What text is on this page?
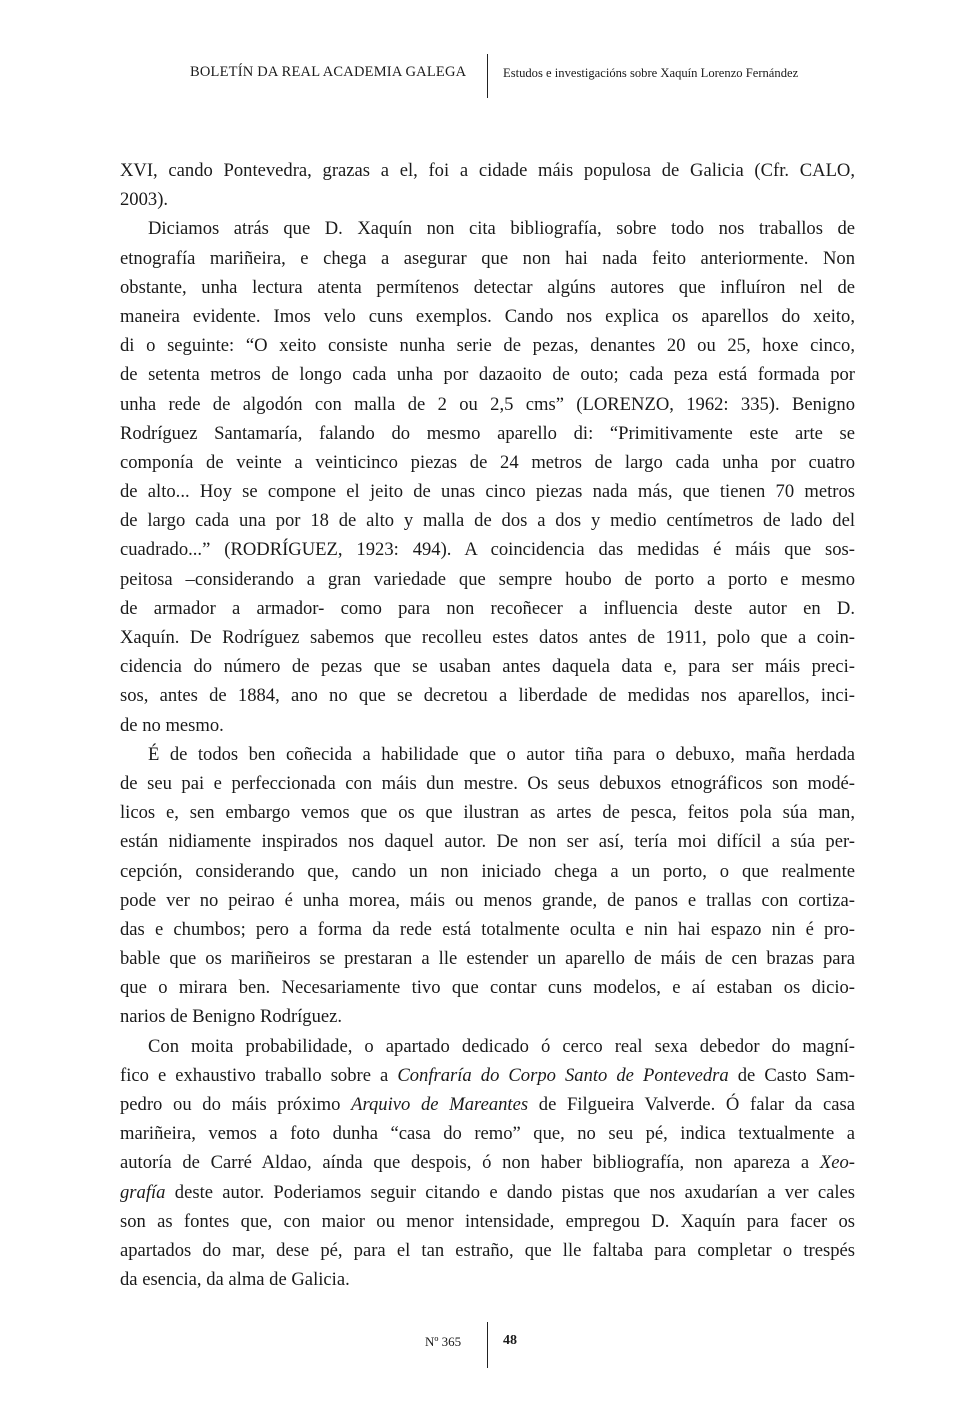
BOLETÍN DA REAL ACADEMIA GALEGA	Estudos e investigacións sobre Xaquín Lorenzo Fernández
XVI, cando Pontevedra, grazas a el, foi a cidade máis populosa de Galicia (Cfr. CALO,
2003).
Diciamos atrás que D. Xaquín non cita bibliografía, sobre todo nos traballos de
etnografía mariñeira, e chega a asegurar que non hai nada feito anteriormente. Non
obstante, unha lectura atenta permítenos detectar algúns autores que influíron nel de
maneira evidente. Imos velo cuns exemplos. Cando nos explica os aparellos do xeito,
di o seguinte: “O xeito consiste nunha serie de pezas, denantes 20 ou 25, hoxe cinco,
de setenta metros de longo cada unha por dazaoito de outo; cada peza está formada por
unha rede de algodón con malla de 2 ou 2,5 cms” (LORENZO, 1962: 335). Benigno
Rodríguez Santamaría, falando do mesmo aparello di: “Primitivamente este arte se
componía de veinte a veinticinco piezas de 24 metros de largo cada unha por cuatro
de alto... Hoy se compone el jeito de unas cinco piezas nada más, que tienen 70 metros
de largo cada una por 18 de alto y malla de dos a dos y medio centímetros de lado del
cuadrado...” (RODRÍGUEZ, 1923: 494). A coincidencia das medidas é máis que sos-
peitosa –considerando a gran variedade que sempre houbo de porto a porto e mesmo
de armador a armador- como para non recoñecer a influencia deste autor en D.
Xaquín. De Rodríguez sabemos que recolleu estes datos antes de 1911, polo que a coin-
cidencia do número de pezas que se usaban antes daquela data e, para ser máis preci-
sos, antes de 1884, ano no que se decretou a liberdade de medidas nos aparellos, inci-
de no mesmo.
É de todos ben coñecida a habilidade que o autor tiña para o debuxo, maña herdada
de seu pai e perfeccionada con máis dun mestre. Os seus debuxos etnográficos son modé-
licos e, sen embargo vemos que os que ilustran as artes de pesca, feitos pola súa man,
están nidiamente inspirados nos daquel autor. De non ser así, tería moi difícil a súa per-
cepción, considerando que, cando un non iniciado chega a un porto, o que realmente
pode ver no peirao é unha morea, máis ou menos grande, de panos e trallas con cortiza-
das e chumbos; pero a forma da rede está totalmente oculta e nin hai espazo nin é pro-
bable que os mariñeiros se prestaran a lle estender un aparello de máis de cen brazas para
que o mirara ben. Necesariamente tivo que contar cuns modelos, e aí estaban os dicio-
narios de Benigno Rodríguez.
Con moita probabilidade, o apartado dedicado ó cerco real sexa debedor do magní-
fico e exhaustivo traballo sobre a Confraría do Corpo Santo de Pontevedra de Casto Sam-
pedro ou do máis próximo Arquivo de Mareantes de Filgueira Valverde. Ó falar da casa
mariñeira, vemos a foto dunha “casa do remo” que, no seu pé, indica textualmente a
autoría de Carré Aldao, aínda que despois, ó non haber bibliografía, non apareza a Xeo-
grafía deste autor. Poderiamos seguir citando e dando pistas que nos axudarían a ver cales
son as fontes que, con maior ou menor intensidade, empregou D. Xaquín para facer os
apartados do mar, dese pé, para el tan estraño, que lle faltaba para completar o trespés
da esencia, da alma de Galicia.
Nº 365	48
